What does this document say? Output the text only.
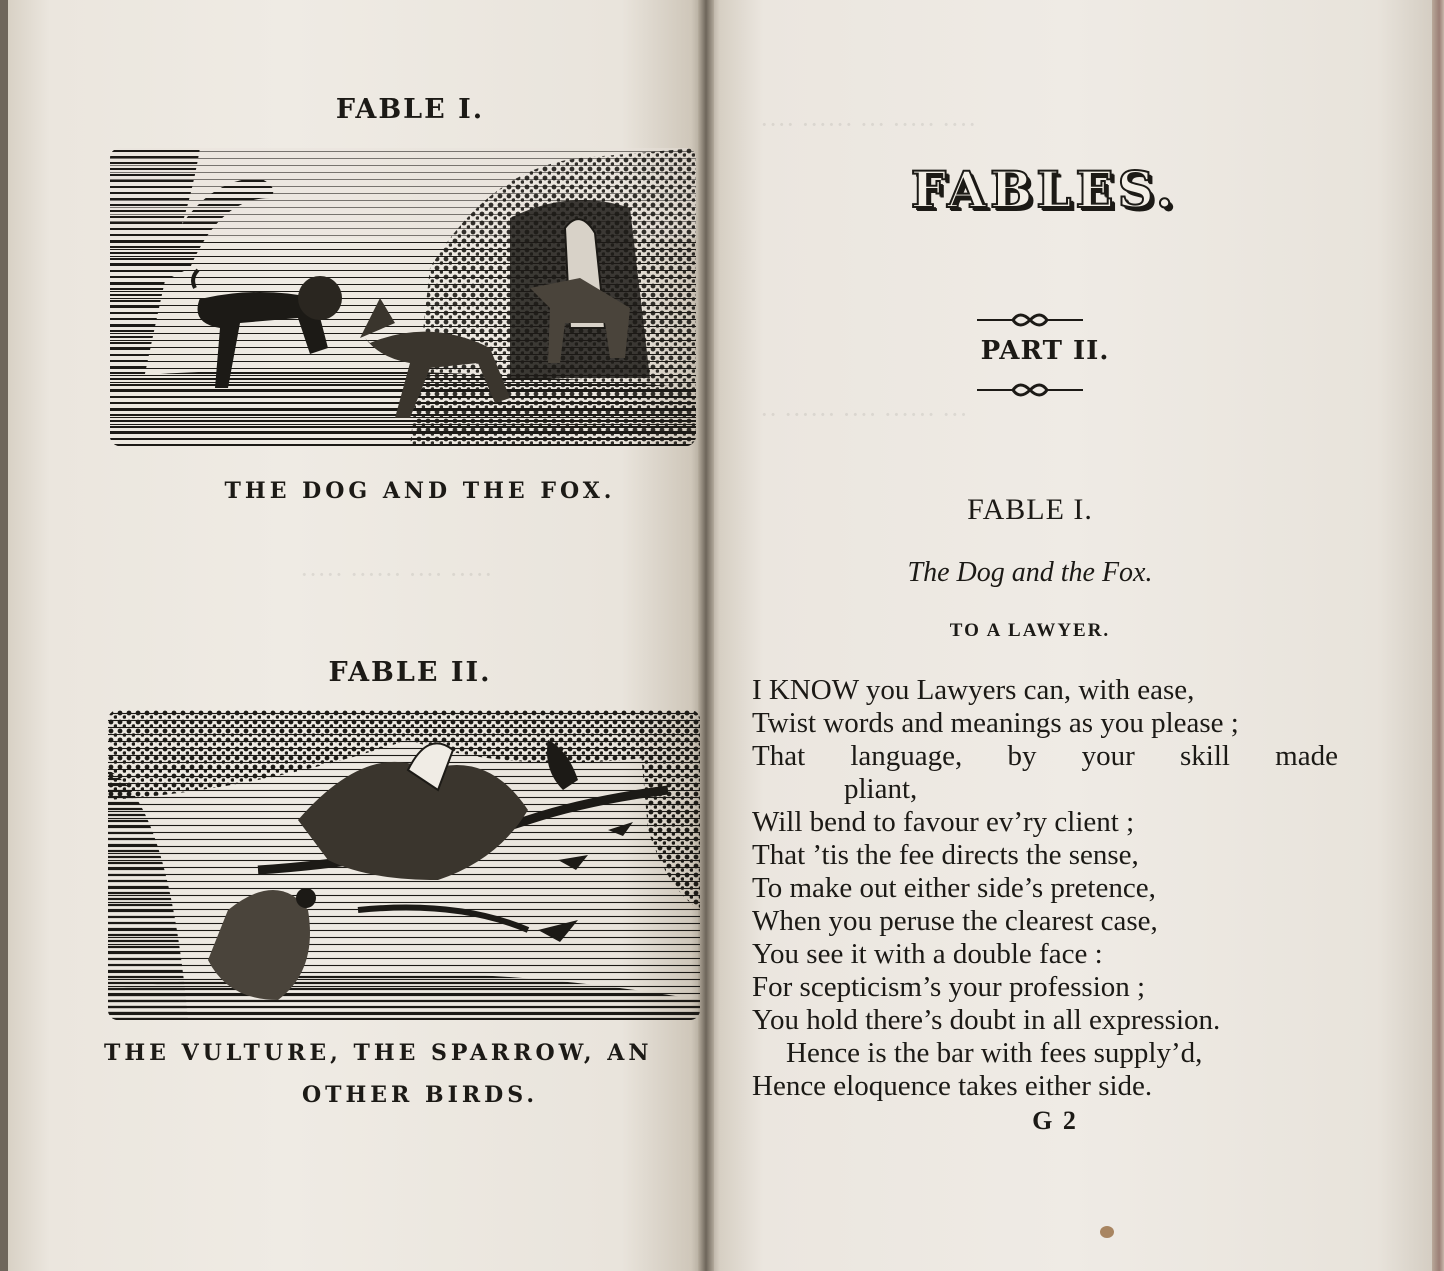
···· ····· ··· ······ ····
··· ······ ···· ······ ··
····· ···· ······ ·····
FABLE I.
THE DOG AND THE FOX.
FABLE II.
THE VULTURE, THE SPARROW, AN
OTHER BIRDS.
FABLES.
PART II.
FABLE I.
The Dog and the Fox.
TO A LAWYER.
I KNOW you Lawyers can, with ease,
Twist words and meanings as you please ;
That language, by your skill made
pliant,
Will bend to favour ev’ry client ;
That ’tis the fee directs the sense,
To make out either side’s pretence,
When you peruse the clearest case,
You see it with a double face :
For scepticism’s your profession ;
You hold there’s doubt in all expression.
Hence is the bar with fees supply’d,
Hence eloquence takes either side.
G 2
